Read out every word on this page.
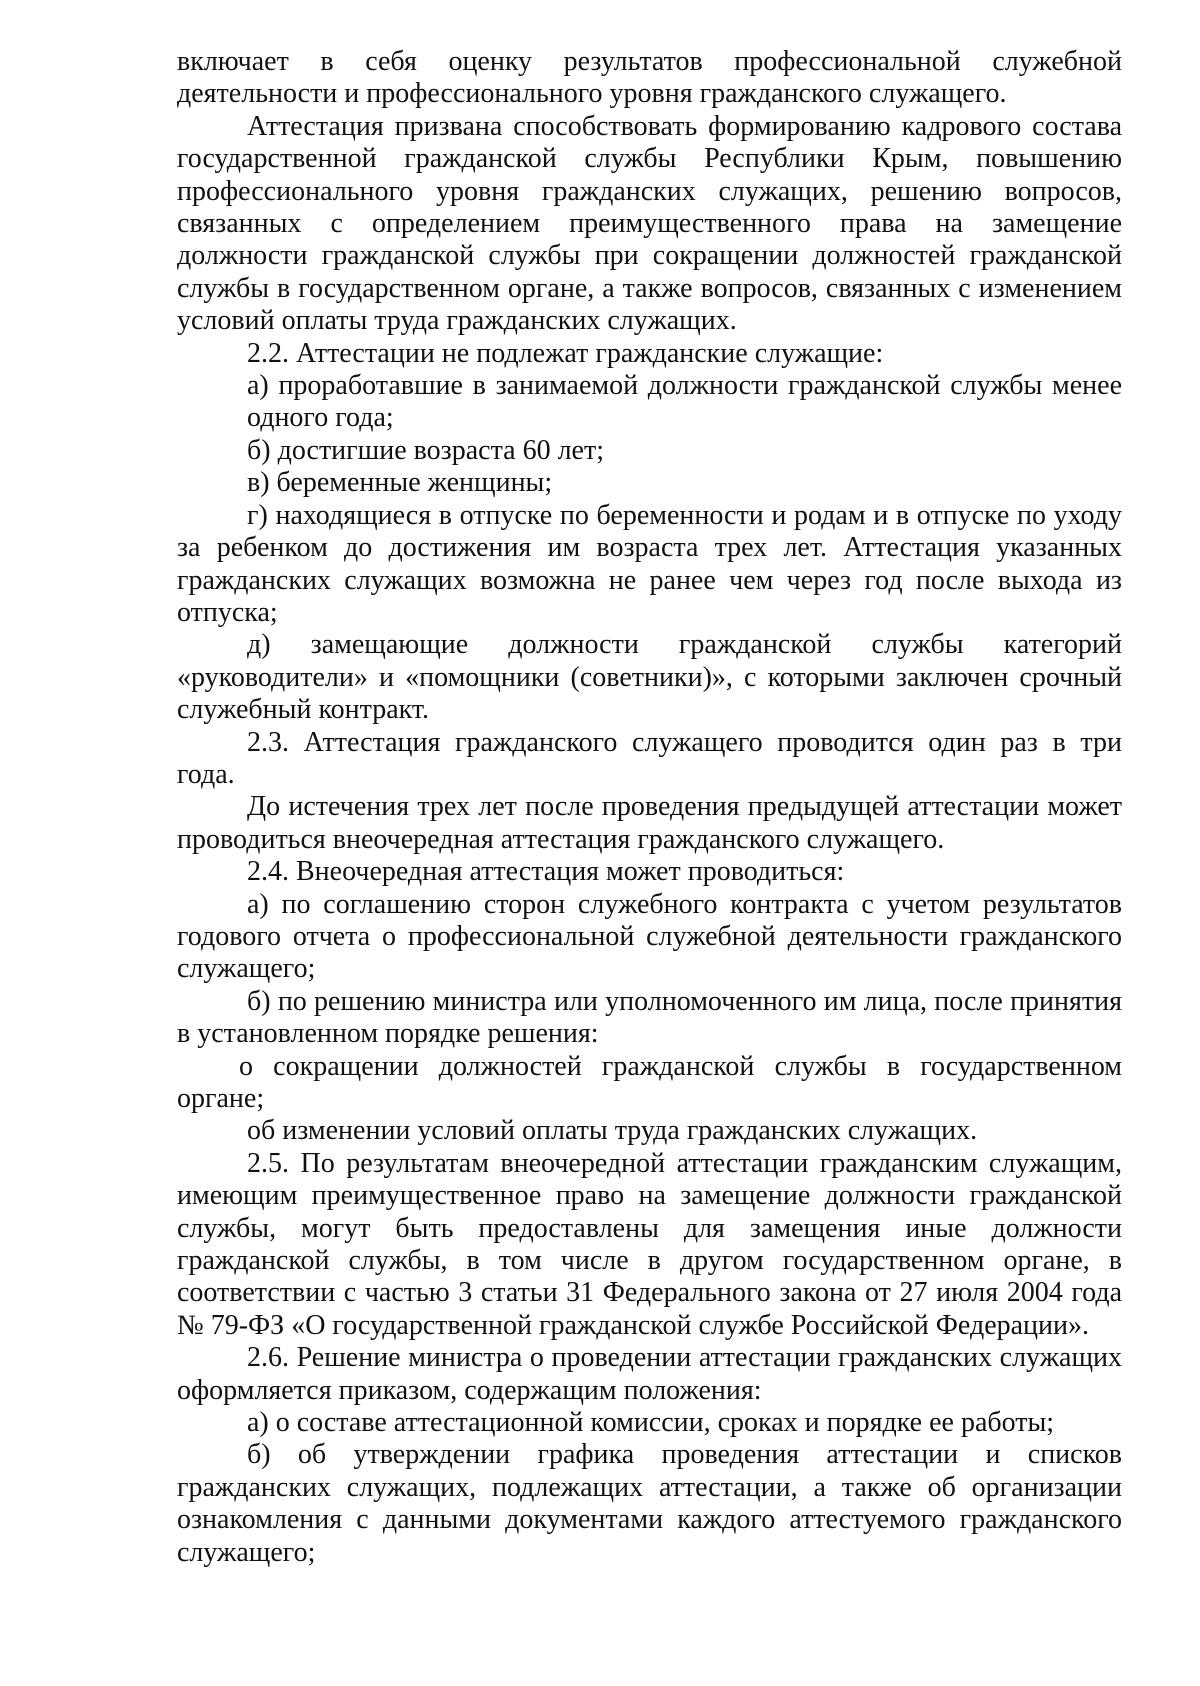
включает в себя оценку результатов профессиональной служебной деятельности и профессионального уровня гражданского служащего.

Аттестация призвана способствовать формированию кадрового состава государственной гражданской службы Республики Крым, повышению профессионального уровня гражданских служащих, решению вопросов, связанных с определением преимущественного права на замещение должности гражданской службы при сокращении должностей гражданской службы в государственном органе, а также вопросов, связанных с изменением условий оплаты труда гражданских служащих.

2.2. Аттестации не подлежат гражданские служащие:

а) проработавшие в занимаемой должности гражданской службы менее одного года;

б) достигшие возраста 60 лет;

в) беременные женщины;

г) находящиеся в отпуске по беременности и родам и в отпуске по уходу за ребенком до достижения им возраста трех лет. Аттестация указанных гражданских служащих возможна не ранее чем через год после выхода из отпуска;

д) замещающие должности гражданской службы категорий «руководители» и «помощники (советники)», с которыми заключен срочный служебный контракт.

2.3. Аттестация гражданского служащего проводится один раз в три года.

До истечения трех лет после проведения предыдущей аттестации может проводиться внеочередная аттестация гражданского служащего.

2.4. Внеочередная аттестация может проводиться:

а) по соглашению сторон служебного контракта с учетом результатов годового отчета о профессиональной служебной деятельности гражданского служащего;

б) по решению министра или уполномоченного им лица, после принятия в установленном порядке решения:

о сокращении должностей гражданской службы в государственном органе;

об изменении условий оплаты труда гражданских служащих.

2.5. По результатам внеочередной аттестации гражданским служащим, имеющим преимущественное право на замещение должности гражданской службы, могут быть предоставлены для замещения иные должности гражданской службы, в том числе в другом государственном органе, в соответствии с частью 3 статьи 31 Федерального закона от 27 июля 2004 года № 79-ФЗ «О государственной гражданской службе Российской Федерации».

2.6. Решение министра о проведении аттестации гражданских служащих оформляется приказом, содержащим положения:

а) о составе аттестационной комиссии, сроках и порядке ее работы;

б) об утверждении графика проведения аттестации и списков гражданских служащих, подлежащих аттестации, а также об организации ознакомления с данными документами каждого аттестуемого гражданского служащего;
